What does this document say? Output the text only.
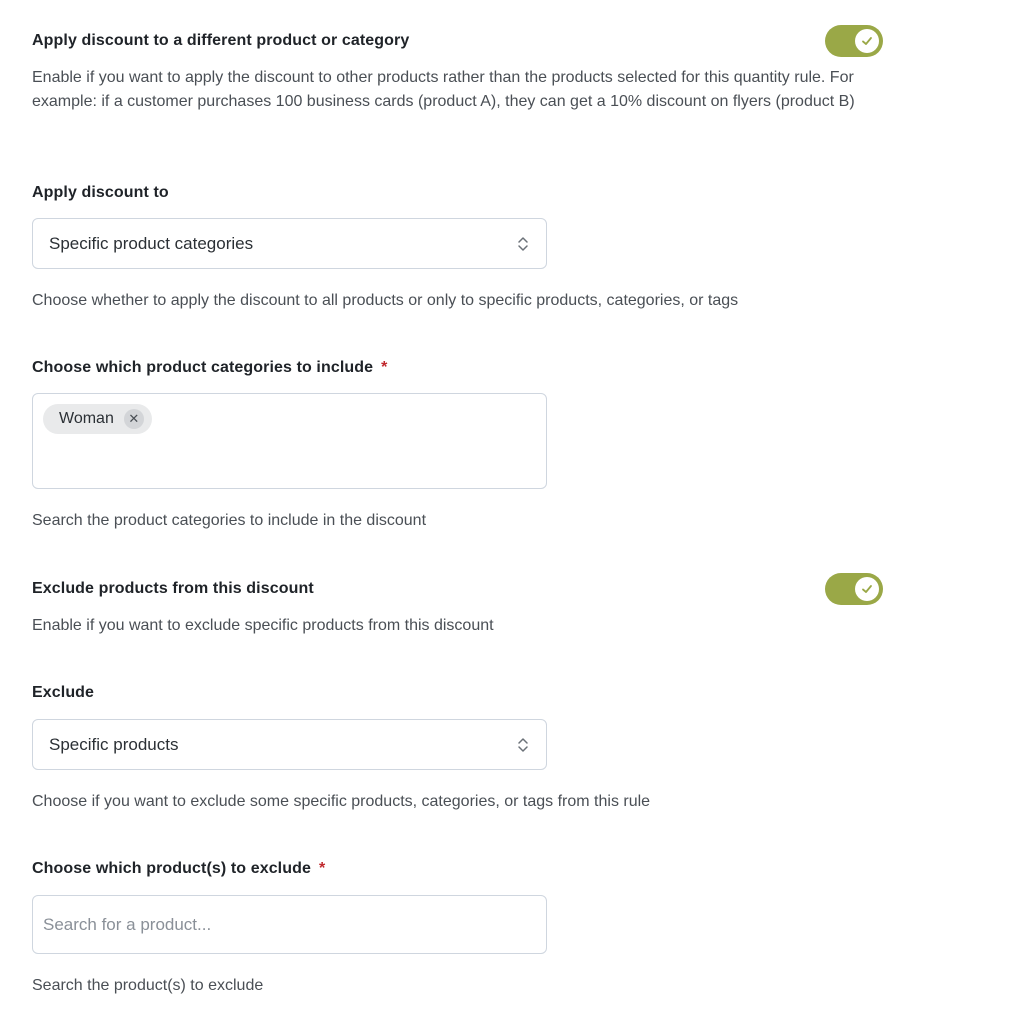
Apply discount to a different product or category
Enable if you want to apply the discount to other products rather than the products selected for this quantity rule. For example: if a customer purchases 100 business cards (product A), they can get a 10% discount on flyers (product B)
Apply discount to
Specific product categories
Choose whether to apply the discount to all products or only to specific products, categories, or tags
Choose which product categories to include *
Woman	✕
Search the product categories to include in the discount
Exclude products from this discount
Enable if you want to exclude specific products from this discount
Exclude
Specific products
Choose if you want to exclude some specific products, categories, or tags from this rule
Choose which product(s) to exclude *
Search for a product...
Search the product(s) to exclude
